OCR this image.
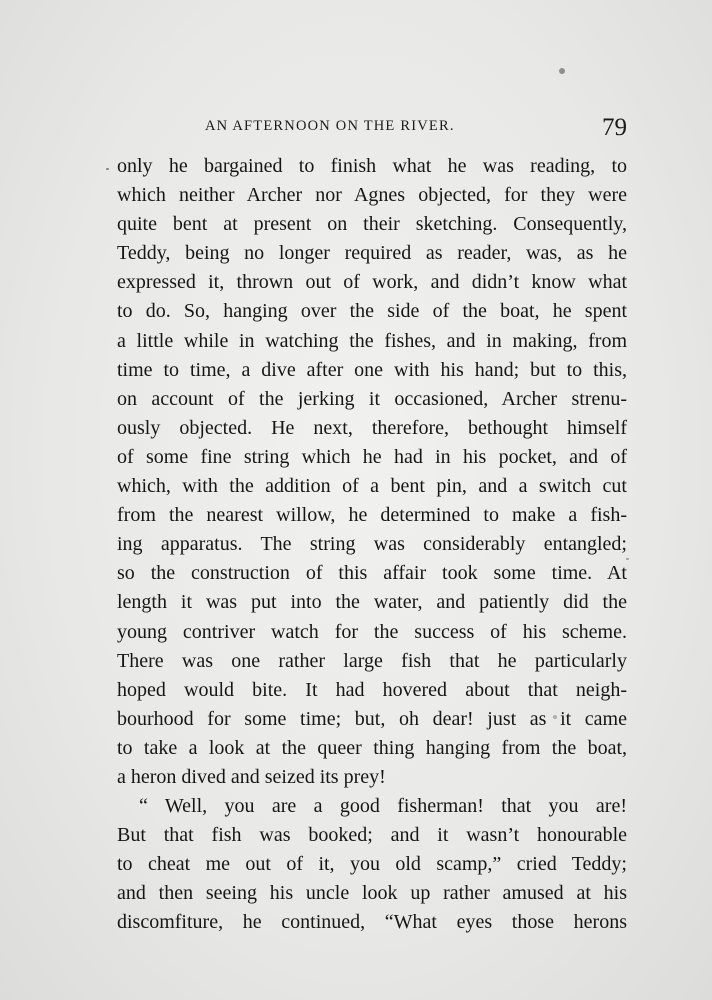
AN AFTERNOON ON THE RIVER.	79
only he bargained to finish what he was reading, to
which neither Archer nor Agnes objected, for they were
quite bent at present on their sketching. Consequently,
Teddy, being no longer required as reader, was, as he
expressed it, thrown out of work, and didn’t know what
to do. So, hanging over the side of the boat, he spent
a little while in watching the fishes, and in making, from
time to time, a dive after one with his hand; but to this,
on account of the jerking it occasioned, Archer strenu-
ously objected. He next, therefore, bethought himself
of some fine string which he had in his pocket, and of
which, with the addition of a bent pin, and a switch cut
from the nearest willow, he determined to make a fish-
ing apparatus. The string was considerably entangled;
so the construction of this affair took some time. At
length it was put into the water, and patiently did the
young contriver watch for the success of his scheme.
There was one rather large fish that he particularly
hoped would bite. It had hovered about that neigh-
bourhood for some time; but, oh dear! just as it came
to take a look at the queer thing hanging from the boat,
a heron dived and seized its prey!
“ Well, you are a good fisherman! that you are!
But that fish was booked; and it wasn’t honourable
to cheat me out of it, you old scamp,” cried Teddy;
and then seeing his uncle look up rather amused at his
discomfiture, he continued, “What eyes those herons
